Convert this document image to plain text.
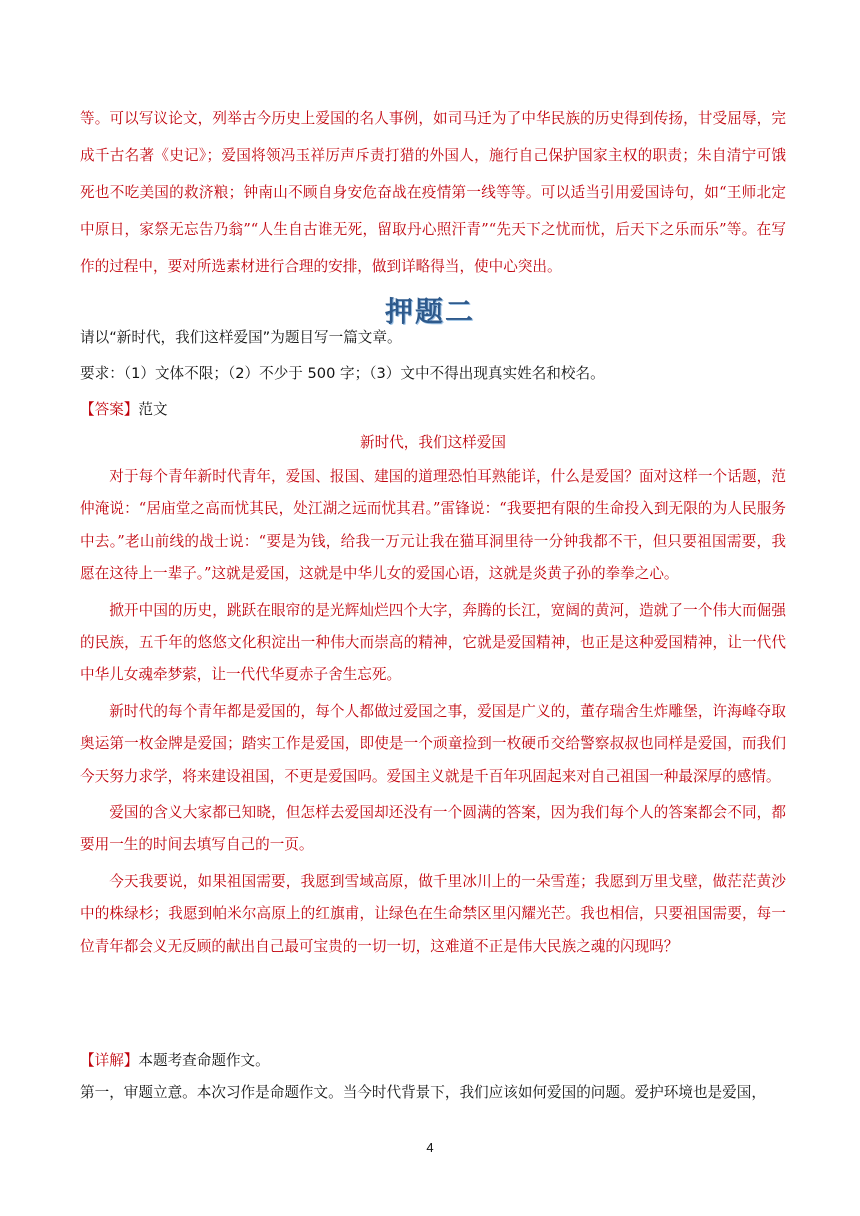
等。可以写议论文，列举古今历史上爱国的名人事例，如司马迁为了中华民族的历史得到传扬，甘受屈辱，完成千古名著《史记》；爱国将领冯玉祥厉声斥责打猎的外国人，施行自己保护国家主权的职责；朱自清宁可饿死也不吃美国的救济粮；钟南山不顾自身安危奋战在疫情第一线等等。可以适当引用爱国诗句，如“王师北定中原日，家祭无忘告乃翁”“人生自古谁无死，留取丹心照汗青”“先天下之忧而忧，后天下之乐而乐”等。在写作的过程中，要对所选素材进行合理的安排，做到详略得当，使中心突出。
押题二
请以“新时代，我们这样爱国”为题目写一篇文章。
要求：（1）文体不限；（2）不少于 500 字；（3）文中不得出现真实姓名和校名。
【答案】范文
新时代，我们这样爱国

对于每个青年新时代青年，爱国、报国、建国的道理恐怕耳熟能详，什么是爱国？面对这样一个话题，范仲淹说：“居庙堂之高而忧其民，处江湖之远而忧其君。”雷锋说：“我要把有限的生命投入到无限的为人民服务中去。”老山前线的战士说：“要是为钱，给我一万元让我在猫耳洞里待一分钟我都不干，但只要祖国需要，我愿在这待上一辈子。”这就是爱国，这就是中华儿女的爱国心语，这就是炎黄子孙的拳拳之心。

掀开中国的历史，跳跃在眼帘的是光辉灿烂四个大字，奔腾的长江，宽阔的黄河，造就了一个伟大而倔强的民族，五千年的悠悠文化积淀出一种伟大而崇高的精神，它就是爱国精神，也正是这种爱国精神，让一代代中华儿女魂牵梦萦，让一代代华夏赤子舍生忘死。

新时代的每个青年都是爱国的，每个人都做过爱国之事，爱国是广义的，董存瑞舍生炸雕堡，许海峰夺取奥运第一枚金牌是爱国；踏实工作是爱国，即使是一个顽童捡到一枚硬币交给警察叔叔也同样是爱国，而我们今天努力求学，将来建设祖国，不更是爱国吗。爱国主义就是千百年巩固起来对自己祖国一种最深厚的感情。

爱国的含义大家都已知晓，但怎样去爱国却还没有一个圆满的答案，因为我们每个人的答案都会不同，都要用一生的时间去填写自己的一页。

今天我要说，如果祖国需要，我愿到雪域高原，做千里冰川上的一朵雪莲；我愿到万里戈壁，做茫茫黄沙中的株绿杉；我愿到帕米尔高原上的红旗甫，让绿色在生命禁区里闪耀光芒。我也相信，只要祖国需要，每一位青年都会义无反顾的献出自己最可宝贵的一切一切，这难道不正是伟大民族之魂的闪现吗？

【详解】本题考查命题作文。

第一，审题立意。本次习作是命题作文。当今时代背景下，我们应该如何爱国的问题。爱护环境也是爱国，

4
